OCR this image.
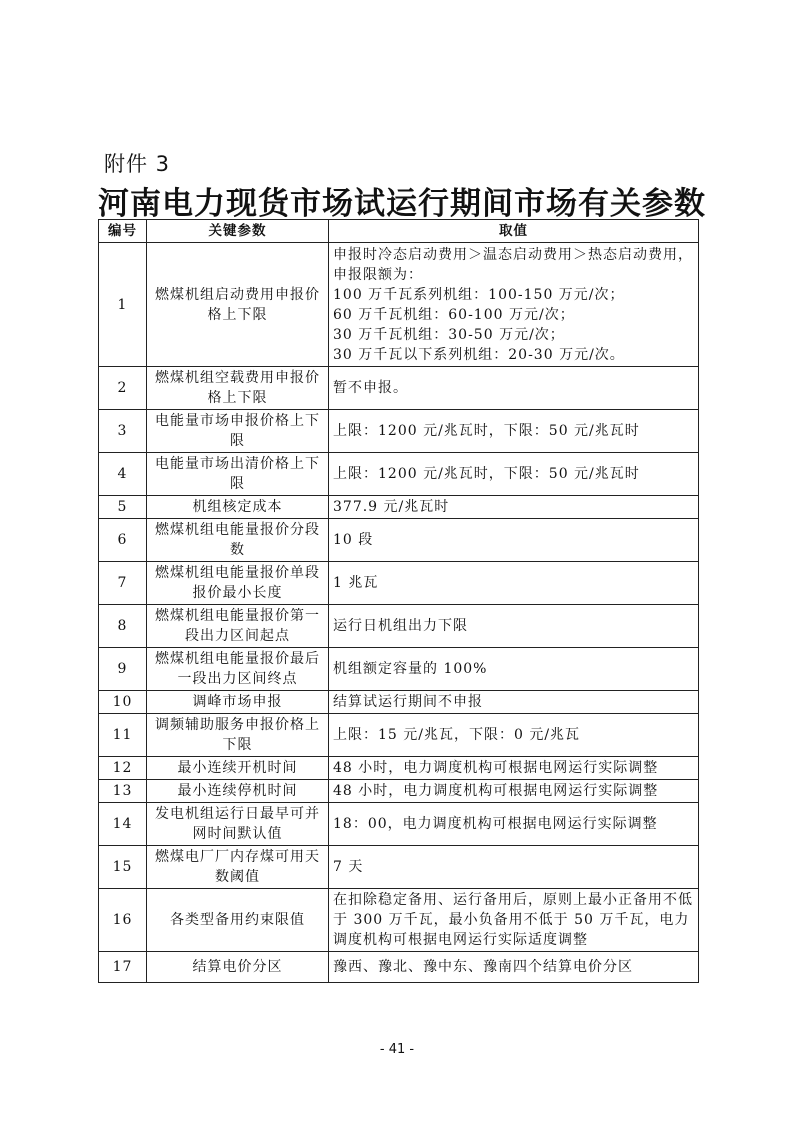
附件 3
河南电力现货市场试运行期间市场有关参数
编号	关键参数	取值
1	燃煤机组启动费用申报价格上下限	申报时冷态启动费用＞温态启动费用＞热态启动费用，申报限额为：
100 万千瓦系列机组：100-150 万元/次；
60 万千瓦机组：60-100 万元/次；
30 万千瓦机组：30-50 万元/次；
30 万千瓦以下系列机组：20-30 万元/次。

2	燃煤机组空载费用申报价格上下限	暂不申报。

3	电能量市场申报价格上下限	上限：1200 元/兆瓦时，下限：50 元/兆瓦时

4	电能量市场出清价格上下限	上限：1200 元/兆瓦时，下限：50 元/兆瓦时

5	机组核定成本	377.9 元/兆瓦时

6	燃煤机组电能量报价分段数	10 段

7	燃煤机组电能量报价单段报价最小长度	1 兆瓦

8	燃煤机组电能量报价第一段出力区间起点	运行日机组出力下限

9	燃煤机组电能量报价最后一段出力区间终点	机组额定容量的 100%

10	调峰市场申报	结算试运行期间不申报

11	调频辅助服务申报价格上下限	上限：15 元/兆瓦，下限：0 元/兆瓦

12	最小连续开机时间	48 小时，电力调度机构可根据电网运行实际调整

13	最小连续停机时间	48 小时，电力调度机构可根据电网运行实际调整

14	发电机组运行日最早可并网时间默认值	18：00，电力调度机构可根据电网运行实际调整

15	燃煤电厂厂内存煤可用天数阈值	7 天

16	各类型备用约束限值	在扣除稳定备用、运行备用后，原则上最小正备用不低于 300 万千瓦，最小负备用不低于 50 万千瓦，电力调度机构可根据电网运行实际适度调整

17	结算电价分区	豫西、豫北、豫中东、豫南四个结算电价分区
- 41 -
